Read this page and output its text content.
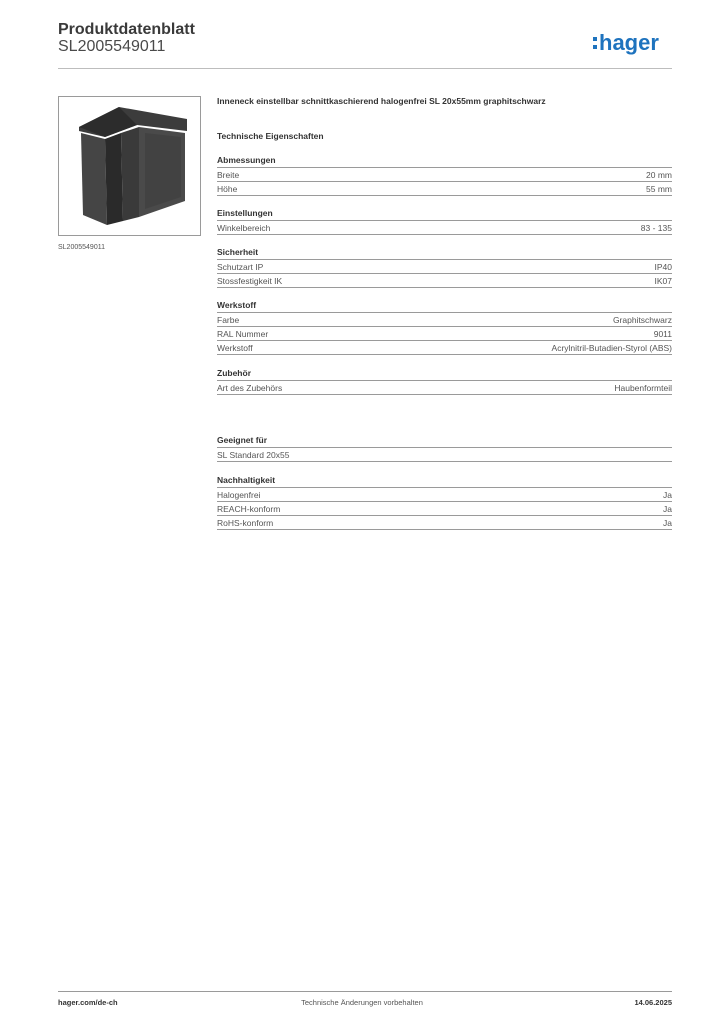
Produktdatenblatt
SL2005549011	hager
SL2005549011
Inneneck einstellbar schnittkaschierend halogenfrei SL 20x55mm graphitschwarz
Technische Eigenschaften
Abmessungen
Breite	20 mm
Höhe	55 mm
Einstellungen
Winkelbereich	83 - 135
Sicherheit
Schutzart IP	IP40
Stossfestigkeit IK	IK07
Werkstoff
Farbe	Graphitschwarz
RAL Nummer	9011
Werkstoff	Acrylnitril-Butadien-Styrol (ABS)
Zubehör
Art des Zubehörs	Haubenformteil
Geeignet für
SL Standard 20x55
Nachhaltigkeit
Halogenfrei	Ja
REACH-konform	Ja
RoHS-konform	Ja
hager.com/de-ch	Technische Änderungen vorbehalten	14.06.2025
